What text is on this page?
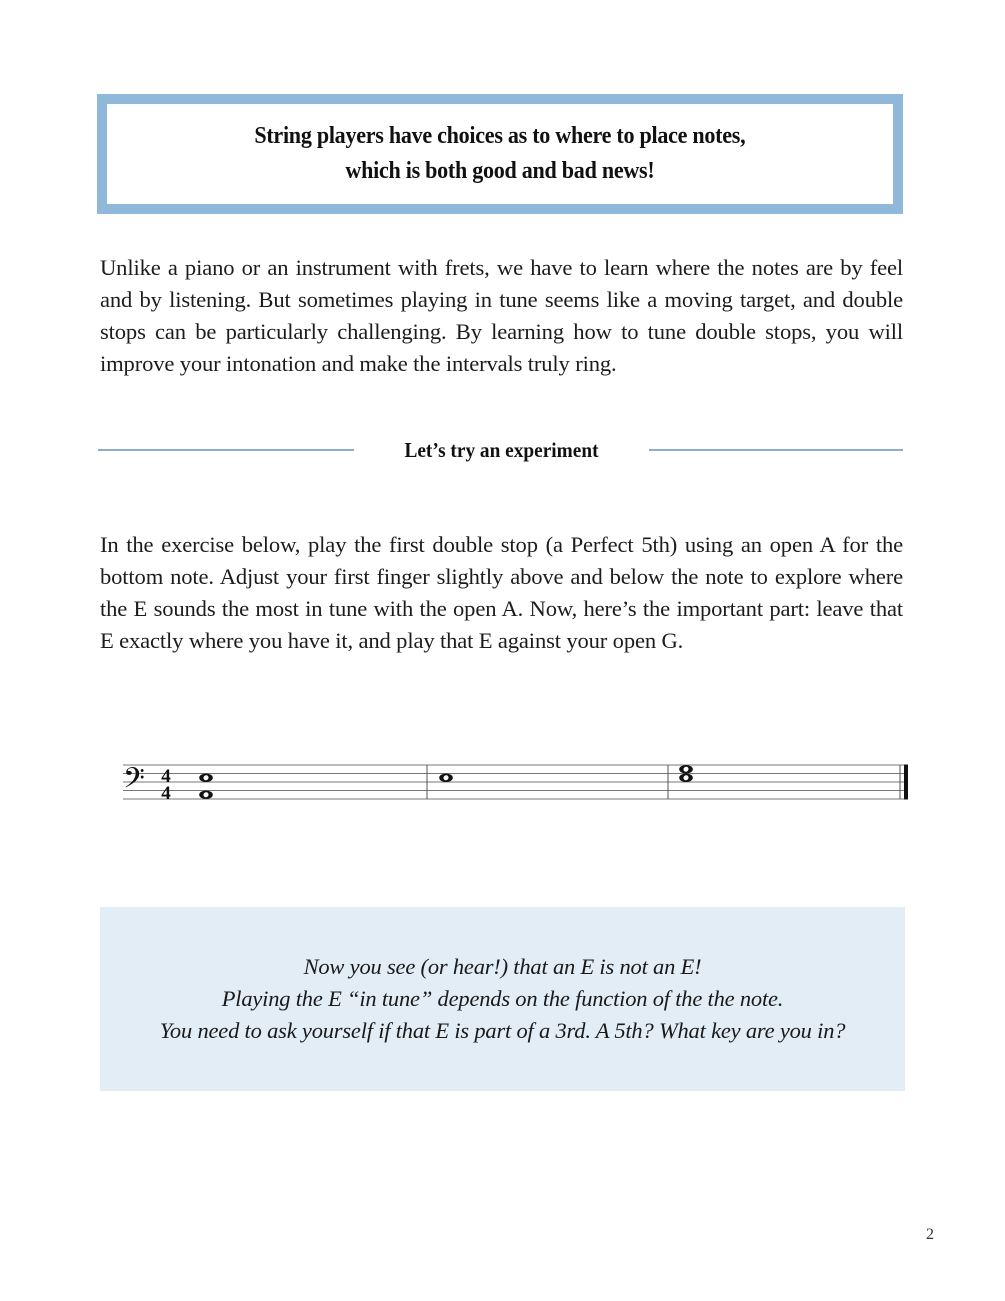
String players have choices as to where to place notes,
which is both good and bad news!
Unlike a piano or an instrument with frets, we have to learn where the notes are by feel and by listening. But sometimes playing in tune seems like a moving target, and double stops can be particularly challenging. By learning how to tune double stops, you will improve your intonation and make the intervals truly ring.
Let’s try an experiment
In the exercise below, play the first double stop (a Perfect 5th) using an open A for the bottom note. Adjust your first finger slightly above and below the note to explore where the E sounds the most in tune with the open A. Now, here’s the important part: leave that E exactly where you have it, and play that E against your open G.
𝄢 4
4
Now you see (or hear!) that an E is not an E!
Playing the E “in tune” depends on the function of the the note.
You need to ask yourself if that E is part of a 3rd. A 5th? What key are you in?
2
